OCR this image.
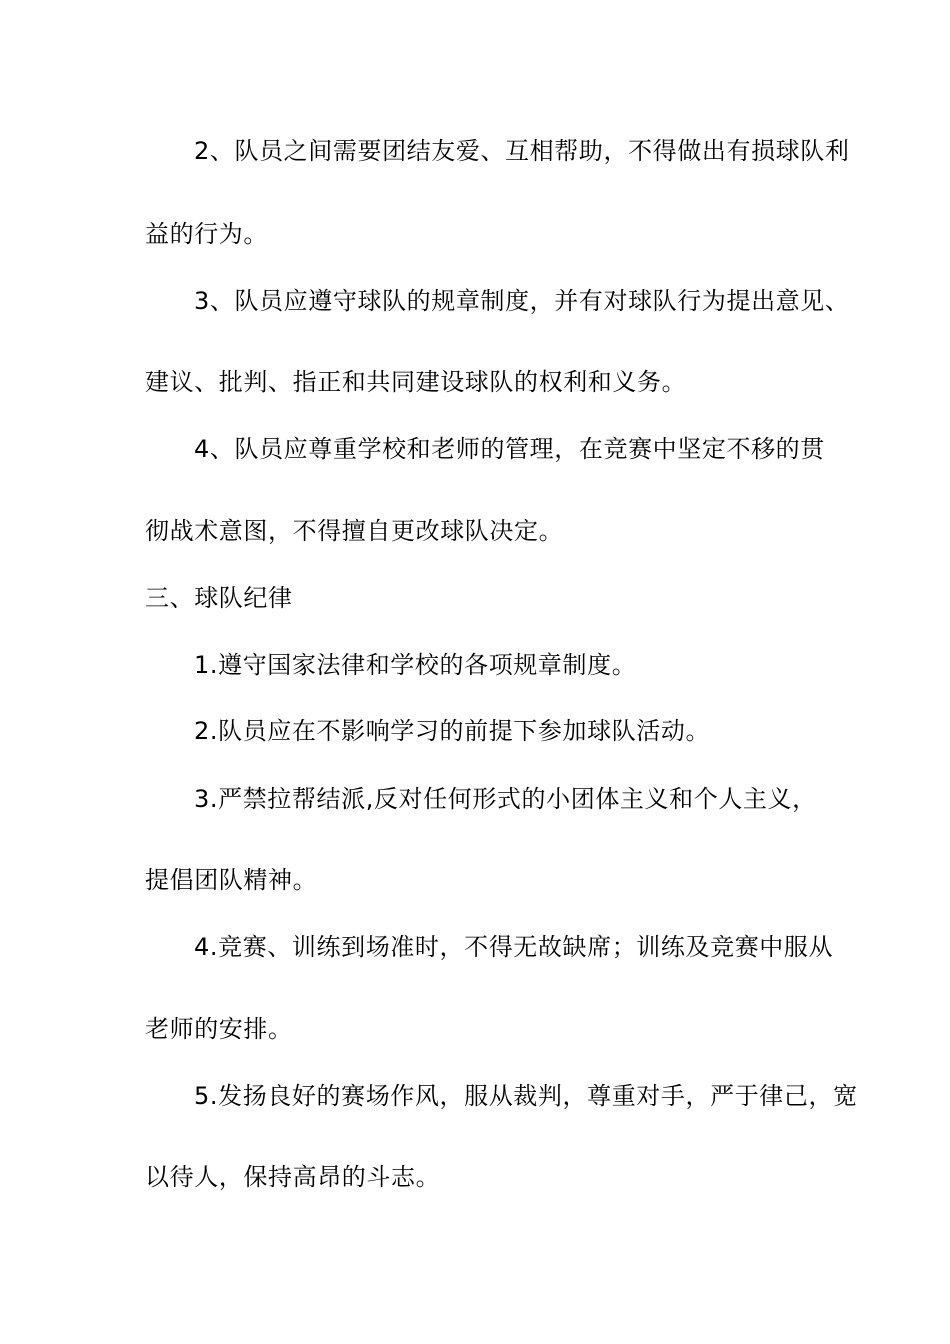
2、队员之间需要团结友爱、互相帮助，不得做出有损球队利
益的行为。
3、队员应遵守球队的规章制度，并有对球队行为提出意见、
建议、批判、指正和共同建设球队的权利和义务。
4、队员应尊重学校和老师的管理，在竞赛中坚定不移的贯
彻战术意图，不得擅自更改球队决定。
三、球队纪律
1.遵守国家法律和学校的各项规章制度。
2.队员应在不影响学习的前提下参加球队活动。
3.严禁拉帮结派,反对任何形式的小团体主义和个人主义，
提倡团队精神。
4.竞赛、训练到场准时，不得无故缺席；训练及竞赛中服从
老师的安排。
5.发扬良好的赛场作风，服从裁判，尊重对手，严于律己，宽
以待人，保持高昂的斗志。
